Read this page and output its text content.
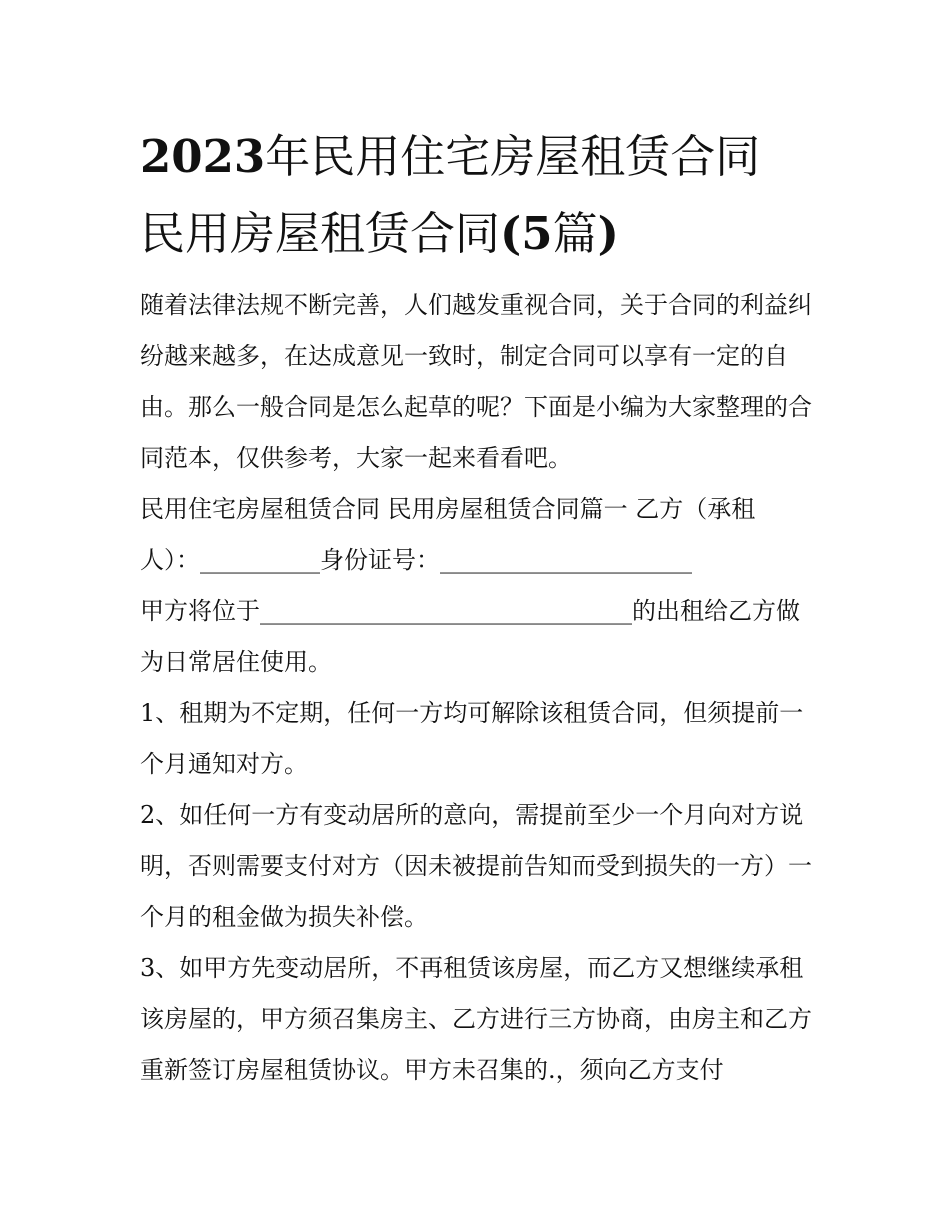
2023年民用住宅房屋租赁合同
民用房屋租赁合同(5篇)

随着法律法规不断完善，人们越发重视合同，关于合同的利益纠纷越来越多，在达成意见一致时，制定合同可以享有一定的自由。那么一般合同是怎么起草的呢？下面是小编为大家整理的合同范本，仅供参考，大家一起来看看吧。

民用住宅房屋租赁合同 民用房屋租赁合同篇一 乙方（承租人）：__________身份证号：_____________________

甲方将位于_______________________________的出租给乙方做为日常居住使用。

1、租期为不定期，任何一方均可解除该租赁合同，但须提前一个月通知对方。

2、如任何一方有变动居所的意向，需提前至少一个月向对方说明，否则需要支付对方（因未被提前告知而受到损失的一方）一个月的租金做为损失补偿。

3、如甲方先变动居所，不再租赁该房屋，而乙方又想继续承租该房屋的，甲方须召集房主、乙方进行三方协商，由房主和乙方重新签订房屋租赁协议。甲方未召集的.，须向乙方支付
